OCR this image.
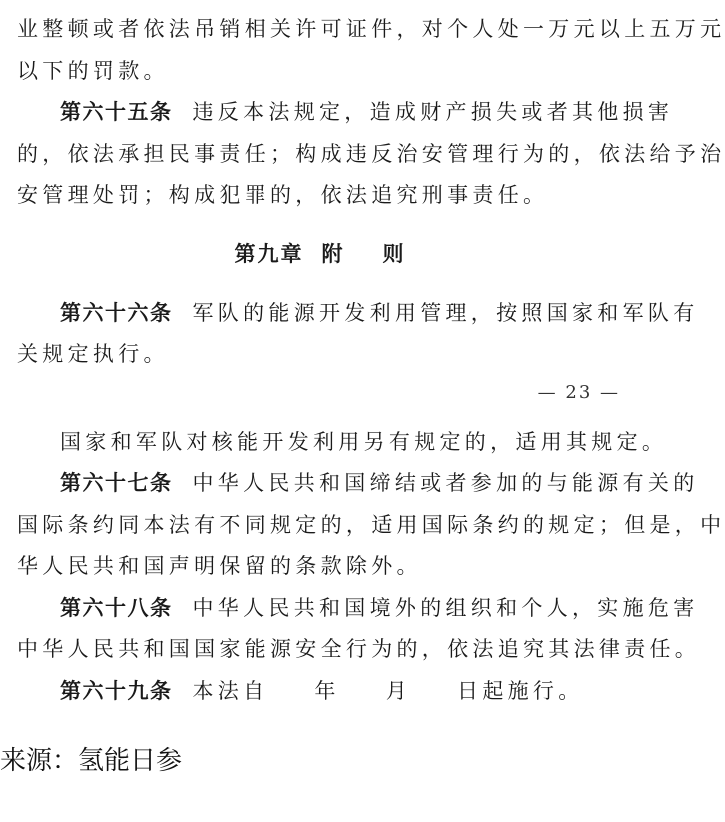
业整顿或者依法吊销相关许可证件，对个人处一万元以上五万元
以下的罚款。
第六十五条 违反本法规定，造成财产损失或者其他损害
的，依法承担民事责任；构成违反治安管理行为的，依法给予治
安管理处罚；构成犯罪的，依法追究刑事责任。
第九章 附 则
第六十六条 军队的能源开发利用管理，按照国家和军队有
关规定执行。
— 23 —
国家和军队对核能开发利用另有规定的，适用其规定。
第六十七条 中华人民共和国缔结或者参加的与能源有关的
国际条约同本法有不同规定的，适用国际条约的规定；但是，中
华人民共和国声明保留的条款除外。
第六十八条 中华人民共和国境外的组织和个人，实施危害
中华人民共和国国家能源安全行为的，依法追究其法律责任。
第六十九条 本法自 年 月 日起施行。
来源：氢能日参
